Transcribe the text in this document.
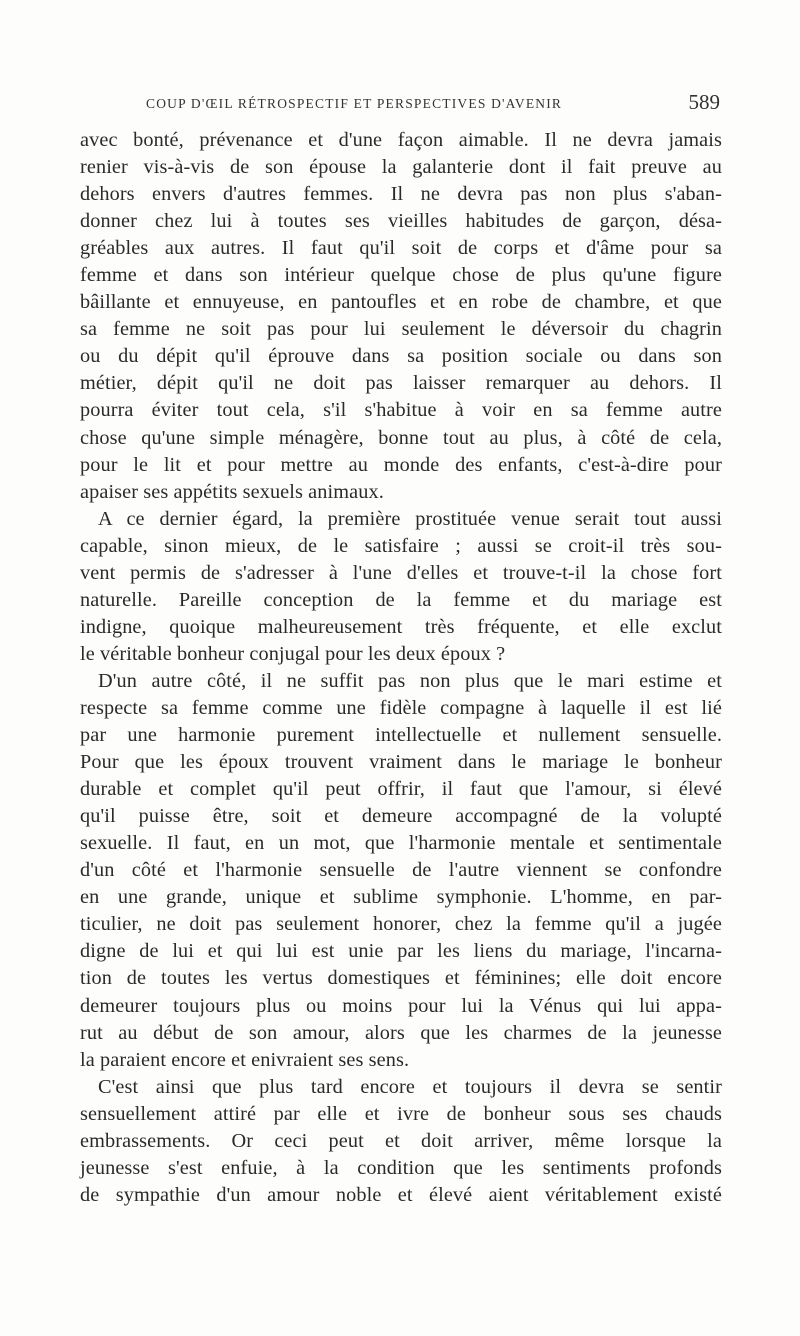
COUP D'ŒIL RÉTROSPECTIF ET PERSPECTIVES D'AVENIR	589
avec bonté, prévenance et d'une façon aimable. Il ne devra jamais
renier vis-à-vis de son épouse la galanterie dont il fait preuve au
dehors envers d'autres femmes. Il ne devra pas non plus s'aban-
donner chez lui à toutes ses vieilles habitudes de garçon, désa-
gréables aux autres. Il faut qu'il soit de corps et d'âme pour sa
femme et dans son intérieur quelque chose de plus qu'une figure
bâillante et ennuyeuse, en pantoufles et en robe de chambre, et que
sa femme ne soit pas pour lui seulement le déversoir du chagrin
ou du dépit qu'il éprouve dans sa position sociale ou dans son
métier, dépit qu'il ne doit pas laisser remarquer au dehors. Il
pourra éviter tout cela, s'il s'habitue à voir en sa femme autre
chose qu'une simple ménagère, bonne tout au plus, à côté de cela,
pour le lit et pour mettre au monde des enfants, c'est-à-dire pour
apaiser ses appétits sexuels animaux.
A ce dernier égard, la première prostituée venue serait tout aussi
capable, sinon mieux, de le satisfaire ; aussi se croit-il très sou-
vent permis de s'adresser à l'une d'elles et trouve-t-il la chose fort
naturelle. Pareille conception de la femme et du mariage est
indigne, quoique malheureusement très fréquente, et elle exclut
le véritable bonheur conjugal pour les deux époux ?
D'un autre côté, il ne suffit pas non plus que le mari estime et
respecte sa femme comme une fidèle compagne à laquelle il est lié
par une harmonie purement intellectuelle et nullement sensuelle.
Pour que les époux trouvent vraiment dans le mariage le bonheur
durable et complet qu'il peut offrir, il faut que l'amour, si élevé
qu'il puisse être, soit et demeure accompagné de la volupté
sexuelle. Il faut, en un mot, que l'harmonie mentale et sentimentale
d'un côté et l'harmonie sensuelle de l'autre viennent se confondre
en une grande, unique et sublime symphonie. L'homme, en par-
ticulier, ne doit pas seulement honorer, chez la femme qu'il a jugée
digne de lui et qui lui est unie par les liens du mariage, l'incarna-
tion de toutes les vertus domestiques et féminines; elle doit encore
demeurer toujours plus ou moins pour lui la Vénus qui lui appa-
rut au début de son amour, alors que les charmes de la jeunesse
la paraient encore et enivraient ses sens.
C'est ainsi que plus tard encore et toujours il devra se sentir
sensuellement attiré par elle et ivre de bonheur sous ses chauds
embrassements. Or ceci peut et doit arriver, même lorsque la
jeunesse s'est enfuie, à la condition que les sentiments profonds
de sympathie d'un amour noble et élevé aient véritablement existé
